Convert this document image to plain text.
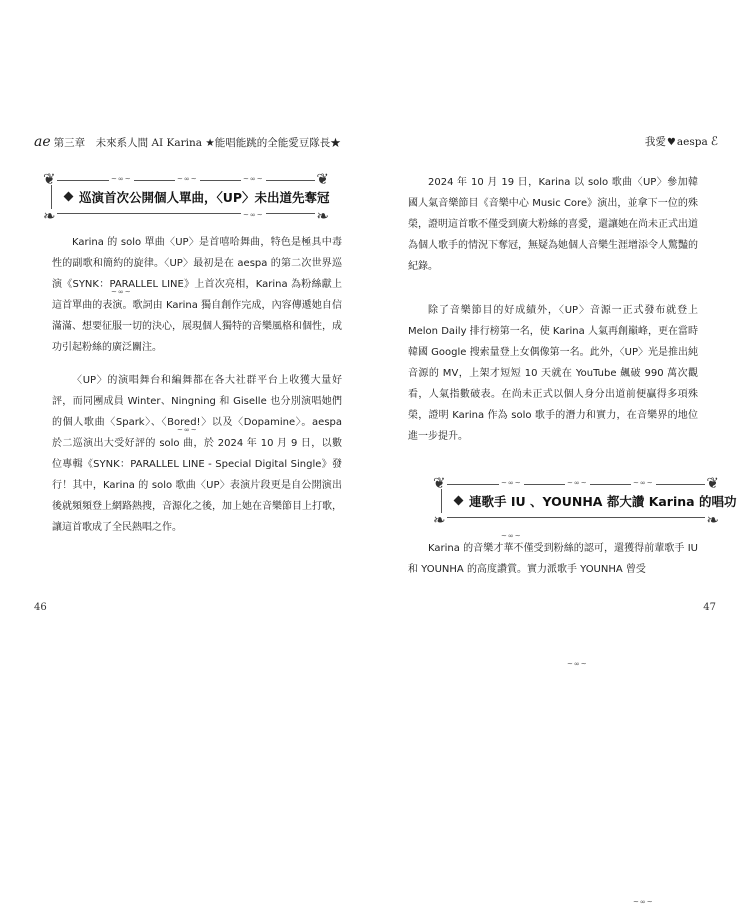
ae 第三章　未來系人間 AI Karina ★能唱能跳的全能愛豆隊長★
~∞~	~∞~	~∞~
~∞~
~∞~
~∞~
❦	❦
❧	❧
巡演首次公開個人單曲，〈UP〉未出道先奪冠

Karina 的 solo 單曲〈UP〉是首嘻哈舞曲，特色是極具中毒性的副歌和簡約的旋律。〈UP〉最初是在 aespa 的第二次世界巡演《SYNK：PARALLEL LINE》上首次亮相，Karina 為粉絲獻上這首單曲的表演。歌詞由 Karina 獨自創作完成，內容傳遞她自信滿滿、想要征服一切的決心，展現個人獨特的音樂風格和個性，成功引起粉絲的廣泛關注。

〈UP〉的演唱舞台和編舞都在各大社群平台上收獲大量好評，而同團成員 Winter、Ningning 和 Giselle 也分別演唱她們的個人歌曲〈Spark〉、〈Bored!〉以及〈Dopamine〉。aespa 於二巡演出大受好評的 solo 曲，於 2024 年 10 月 9 日，以數位專輯《SYNK：PARALLEL LINE - Special Digital Single》發行！其中，Karina 的 solo 歌曲〈UP〉表演片段更是自公開演出後就頻頻登上網路熱搜，音源化之後，加上她在音樂節目上打歌，讓這首歌成了全民熱唱之作。

46
我愛♥aespa ℰ

2024 年 10 月 19 日，Karina 以 solo 歌曲〈UP〉參加韓國人氣音樂節目《音樂中心 Music Core》演出，並拿下一位的殊榮，證明這首歌不僅受到廣大粉絲的喜愛，還讓她在尚未正式出道為個人歌手的情況下奪冠，無疑為她個人音樂生涯增添令人驚豔的紀錄。

除了音樂節目的好成績外，〈UP〉音源一正式發布就登上 Melon Daily 排行榜第一名，使 Karina 人氣再創巔峰，更在當時韓國 Google 搜索量登上女偶像第一名。此外，〈UP〉光是推出純音源的 MV，上架才短短 10 天就在 YouTube 飆破 990 萬次觀看，人氣指數破表。在尚未正式以個人身分出道前便贏得多項殊榮，證明 Karina 作為 solo 歌手的潛力和實力，在音樂界的地位進一步提升。

~∞~	~∞~	~∞~
~∞~
~∞~
~∞~
❦	❦
❧	❧
連歌手 IU 、YOUNHA 都大讚 Karina 的唱功

Karina 的音樂才華不僅受到粉絲的認可，還獲得前輩歌手 IU 和 YOUNHA 的高度讚賞。實力派歌手 YOUNHA 曾受

47
